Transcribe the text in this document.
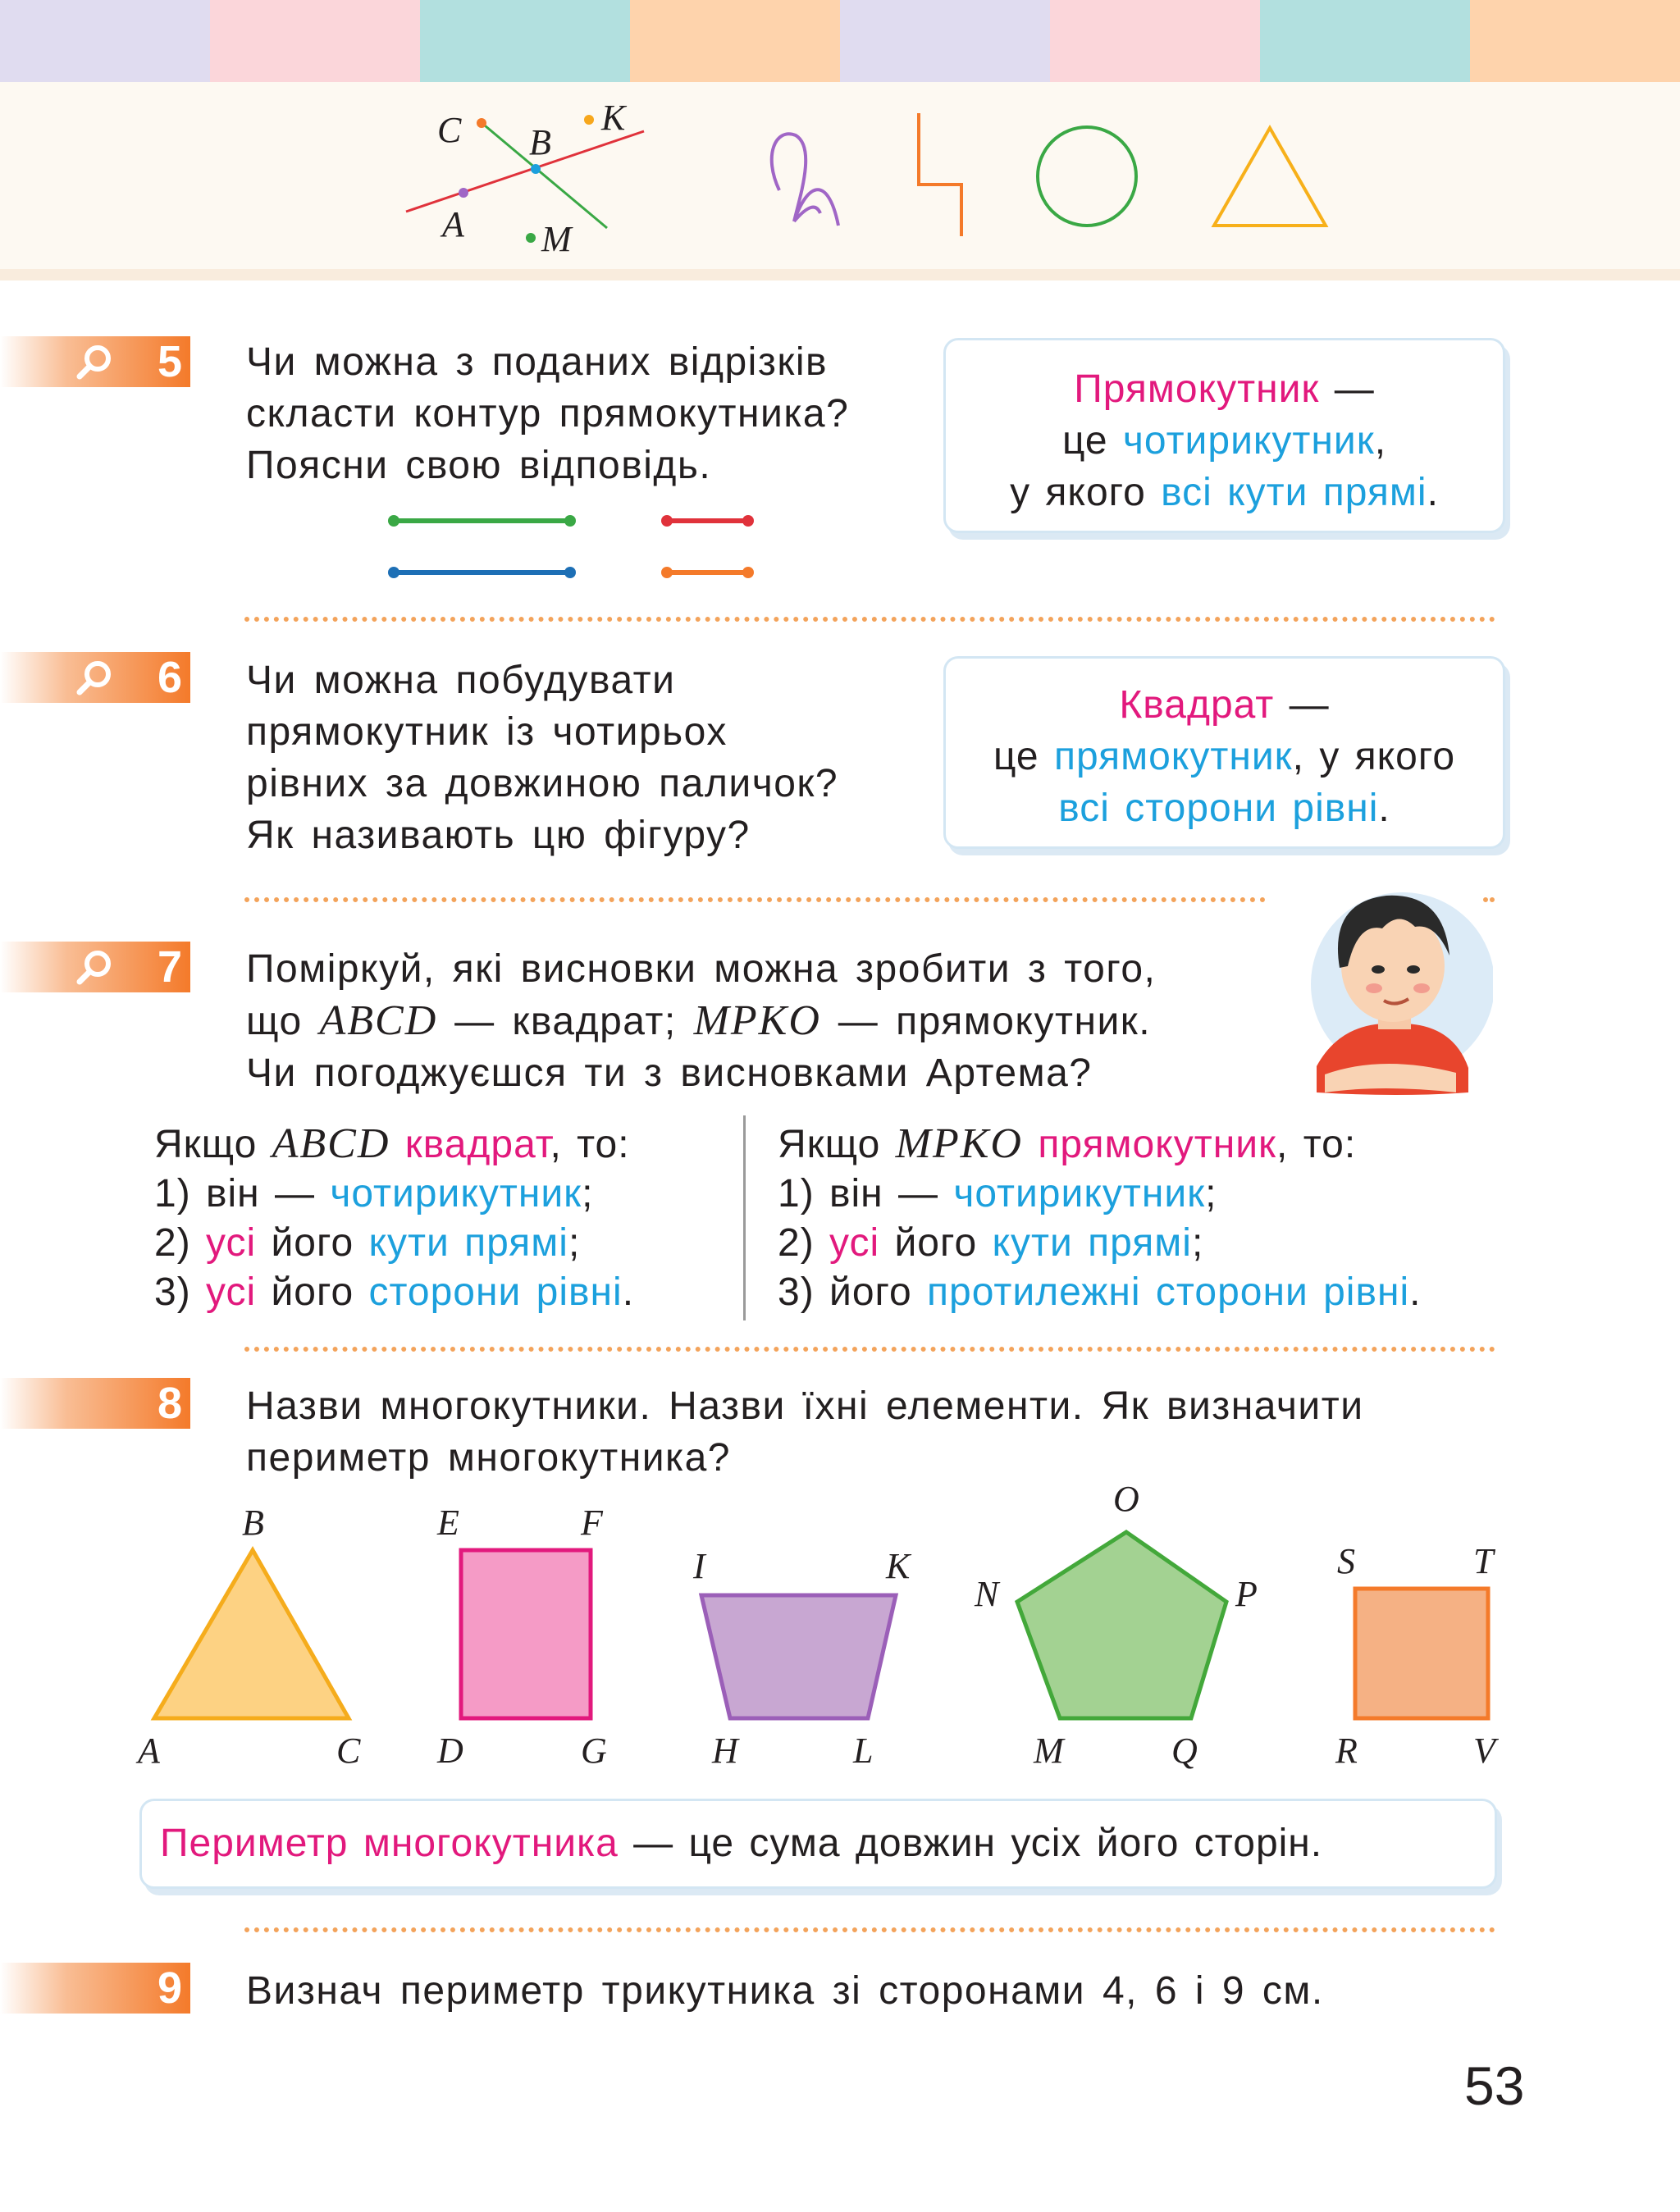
C B
K
A M
5 Чи можна з поданих відрізків
скласти контур прямокутника?
Поясни свою відповідь.
Прямокутник —
це чотирикутник,
у якого всі кути прямі.
6 Чи можна побудувати
прямокутник із чотирьох
рівних за довжиною паличок?
Як називають цю фігуру?
Квадрат —
це прямокутник, у якого
всі сторони рівні.
7 Поміркуй, які висновки можна зробити з того,
що ABCD — квадрат; MPKO — прямокутник.
Чи погоджуєшся ти з висновками Артема?
Якщо ABCD квадрат, то:
1) він — чотирикутник;
2) усі його кути прямі;
3) усі його сторони рівні.
Якщо MPKO прямокутник, то:
1) він — чотирикутник;
2) усі його кути прямі;
3) його протилежні сторони рівні.
8 Назви многокутники. Назви їхні елементи. Як визначити
периметр многокутника?
B
A	C
E	F
D	G
I	K
H	L
O
N	P
M	Q
S	T
R	V
Периметр многокутника — це сума довжин усіх його сторін.
9 Визнач периметр трикутника зі сторонами 4, 6 і 9 см.
53
